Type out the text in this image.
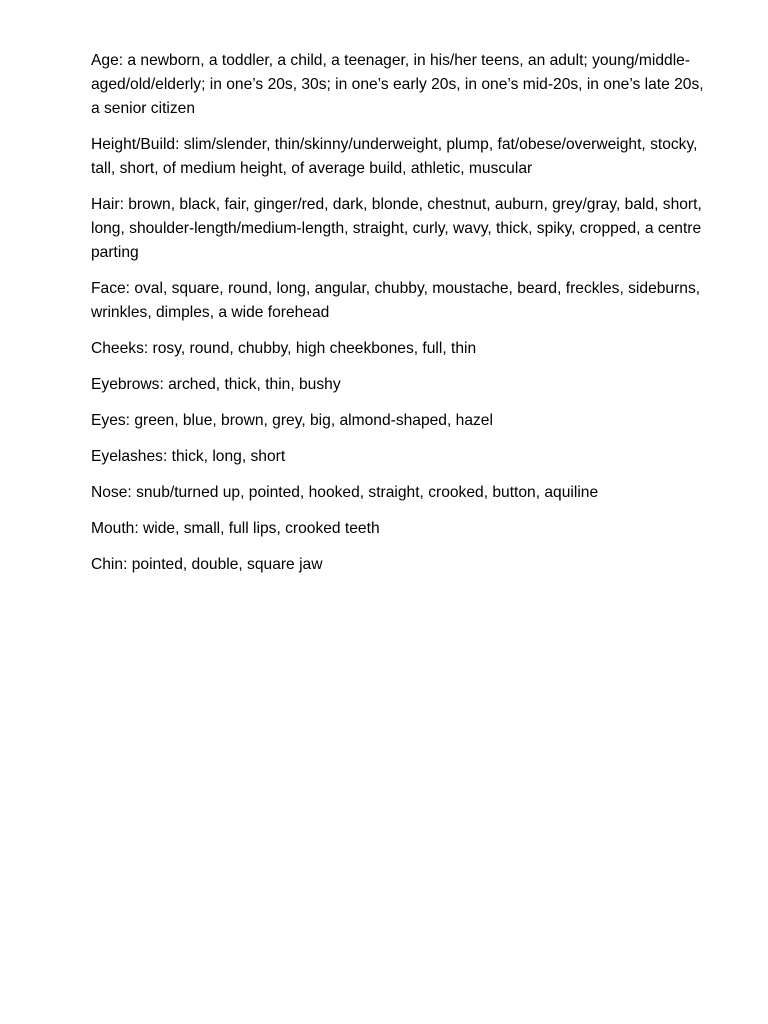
Age: a newborn, a toddler, a child, a teenager, in his/her teens, an adult; young/middle-aged/old/elderly; in one’s 20s, 30s; in one’s early 20s, in one’s mid-20s, in one’s late 20s, a senior citizen

Height/Build: slim/slender, thin/skinny/underweight, plump, fat/obese/overweight, stocky, tall, short, of medium height, of average build, athletic, muscular

Hair: brown, black, fair, ginger/red, dark, blonde, chestnut, auburn, grey/gray, bald, short, long, shoulder-length/medium-length, straight, curly, wavy, thick, spiky, cropped, a centre parting

Face: oval, square, round, long, angular, chubby, moustache, beard, freckles, sideburns, wrinkles, dimples, a wide forehead

Cheeks: rosy, round, chubby, high cheekbones, full, thin

Eyebrows: arched, thick, thin, bushy

Eyes: green, blue, brown, grey, big, almond-shaped, hazel

Eyelashes: thick, long, short

Nose: snub/turned up, pointed, hooked, straight, crooked, button, aquiline

Mouth: wide, small, full lips, crooked teeth

Chin: pointed, double, square jaw
